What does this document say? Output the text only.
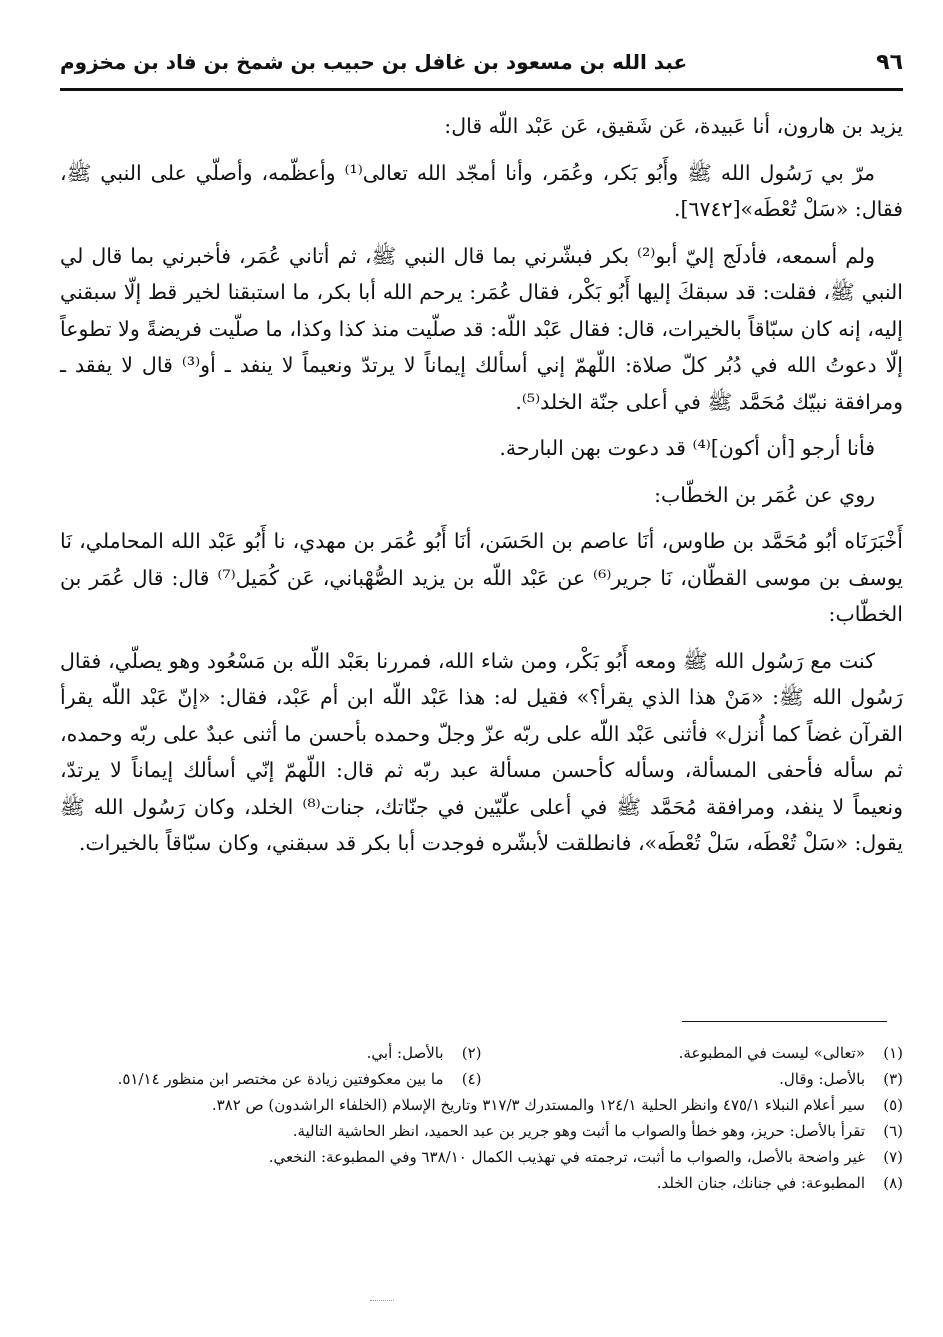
٩٦
عبد الله بن مسعود بن غافل بن حبيب بن شمخ بن فاد بن مخزوم

يزيد بن هارون، أنا عَبيدة، عَن شَقيق، عَن عَبْد اللّه قال:

مرّ بي رَسُول الله ﷺ وأَبُو بَكر، وعُمَر، وأنا أمجّد الله تعالى⁽¹⁾ وأعظّمه، وأصلّي على النبي ﷺ، فقال: «سَلْ تُعْطَه»[٦٧٤٢].

ولم أسمعه، فأدلَج إليّ أبو⁽²⁾ بكر فبشّرني بما قال النبي ﷺ، ثم أتاني عُمَر، فأخبرني بما قال لي النبي ﷺ، فقلت: قد سبقكَ إليها أَبُو بَكْر، فقال عُمَر: يرحم الله أبا بكر، ما استبقنا لخير قط إلّا سبقني إليه، إنه كان سبّاقاً بالخيرات، قال: فقال عَبْد اللّه: قد صلّيت منذ كذا وكذا، ما صلّيت فريضةً ولا تطوعاً إلّا دعوتُ الله في دُبُر كلّ صلاة: اللّهمّ إني أسألك إيماناً لا يرتدّ ونعيماً لا ينفد ـ أو⁽³⁾ قال لا يفقد ـ ومرافقة نبيّك مُحَمَّد ﷺ في أعلى جنّة الخلد⁽⁵⁾.

فأنا أرجو [أن أكون]⁽⁴⁾ قد دعوت بهن البارحة.

روي عن عُمَر بن الخطّاب:

أَخْبَرَنَاه أبُو مُحَمَّد بن طاوس، أنَا عاصم بن الحَسَن، أنَا أَبُو عُمَر بن مهدي، نا أَبُو عَبْد الله المحاملي، نَا يوسف بن موسى القطّان، نَا جرير⁽⁶⁾ عن عَبْد اللّه بن يزيد الصُّهْباني، عَن كُمَيل⁽⁷⁾ قال: قال عُمَر بن الخطّاب:

كنت مع رَسُول الله ﷺ ومعه أَبُو بَكْر، ومن شاء الله، فمررنا بعَبْد اللّه بن مَسْعُود وهو يصلّي، فقال رَسُول الله ﷺ: «مَنْ هذا الذي يقرأ؟» فقيل له: هذا عَبْد اللّه ابن أم عَبْد، فقال: «إنّ عَبْد اللّه يقرأ القرآن غضاً كما أُنزل» فأثنى عَبْد اللّه على ربّه عزّ وجلّ وحمده بأحسن ما أثنى عبدٌ على ربّه وحمده، ثم سأله فأحفى المسألة، وسأله كأحسن مسألة عبد ربّه ثم قال: اللّهمّ إنّي أسألك إيماناً لا يرتدّ، ونعيماً لا ينفد، ومرافقة مُحَمَّد ﷺ في أعلى علّيّين في جنّاتك، جنات⁽⁸⁾ الخلد، وكان رَسُول الله ﷺ يقول: «سَلْ تُعْطَه، سَلْ تُعْطَه»، فانطلقت لأبشّره فوجدت أبا بكر قد سبقني، وكان سبّاقاً بالخيرات.

(١)
«تعالى» ليست في المطبوعة.
(٢)
بالأصل: أبي.
(٣)
بالأصل: وقال.
(٤)
ما بين معكوفتين زيادة عن مختصر ابن منظور ٥١/١٤.
(٥)
سير أعلام النبلاء ٤٧٥/١ وانظر الحلية ١٢٤/١ والمستدرك ٣١٧/٣ وتاريخ الإسلام (الخلفاء الراشدون) ص ٣٨٢.
(٦)
تقرأ بالأصل: حريز، وهو خطأ والصواب ما أثبت وهو جرير بن عبد الحميد، انظر الحاشية التالية.
(٧)
غير واضحة بالأصل، والصواب ما أثبت، ترجمته في تهذيب الكمال ٦٣٨/١٠ وفي المطبوعة: النخعي.
(٨)
المطبوعة: في جنانك، جنان الخلد.
